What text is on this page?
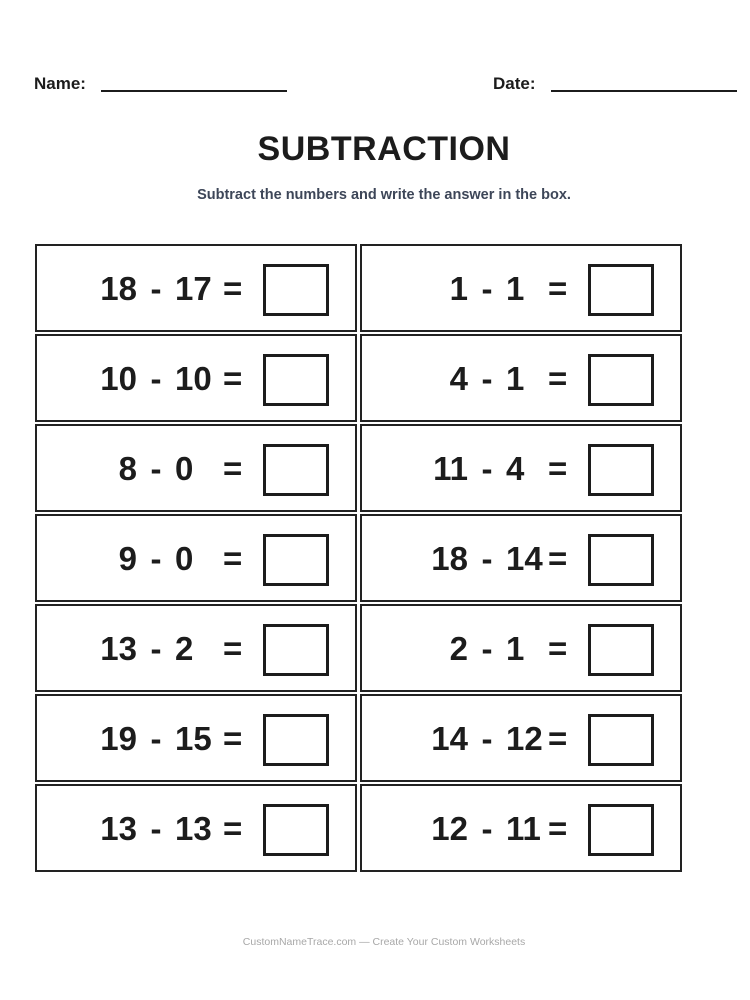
Name:	Date:
SUBTRACTION
Subtract the numbers and write the answer in the box.
18 - 17 =	1 - 1 =
10 - 10 =	4 - 1 =
8 - 0 =	11 - 4 =
9 - 0 =	18 - 14 =
13 - 2 =	2 - 1 =
19 - 15 =	14 - 12 =
13 - 13 =	12 - 11 =
CustomNameTrace.com — Create Your Custom Worksheets
